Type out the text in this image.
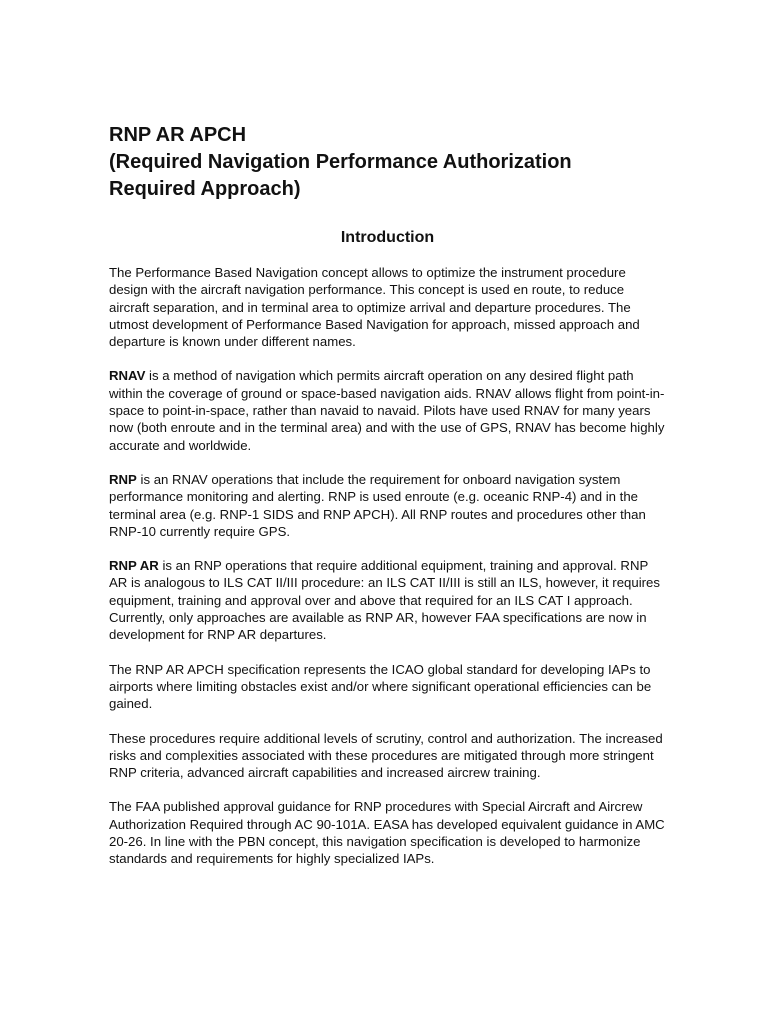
RNP AR APCH
(Required Navigation Performance Authorization
Required Approach)
Introduction

The Performance Based Navigation concept allows to optimize the instrument procedure design with the aircraft navigation performance. This concept is used en route, to reduce aircraft separation, and in terminal area to optimize arrival and departure procedures. The utmost development of Performance Based Navigation for approach, missed approach and departure is known under different names.

RNAV is a method of navigation which permits aircraft operation on any desired flight path within the coverage of ground or space-based navigation aids. RNAV allows flight from point-in-space to point-in-space, rather than navaid to navaid. Pilots have used RNAV for many years now (both enroute and in the terminal area) and with the use of GPS, RNAV has become highly accurate and worldwide.

RNP is an RNAV operations that include the requirement for onboard navigation system performance monitoring and alerting. RNP is used enroute (e.g. oceanic RNP-4) and in the terminal area (e.g. RNP-1 SIDS and RNP APCH). All RNP routes and procedures other than RNP-10 currently require GPS.

RNP AR is an RNP operations that require additional equipment, training and approval. RNP AR is analogous to ILS CAT II/III procedure: an ILS CAT II/III is still an ILS, however, it requires equipment, training and approval over and above that required for an ILS CAT I approach. Currently, only approaches are available as RNP AR, however FAA specifications are now in development for RNP AR departures.

The RNP AR APCH specification represents the ICAO global standard for developing IAPs to airports where limiting obstacles exist and/or where significant operational efficiencies can be gained.

These procedures require additional levels of scrutiny, control and authorization. The increased risks and complexities associated with these procedures are mitigated through more stringent RNP criteria, advanced aircraft capabilities and increased aircrew training.

The FAA published approval guidance for RNP procedures with Special Aircraft and Aircrew Authorization Required through AC 90-101A. EASA has developed equivalent guidance in AMC 20-26. In line with the PBN concept, this navigation specification is developed to harmonize standards and requirements for highly specialized IAPs.
